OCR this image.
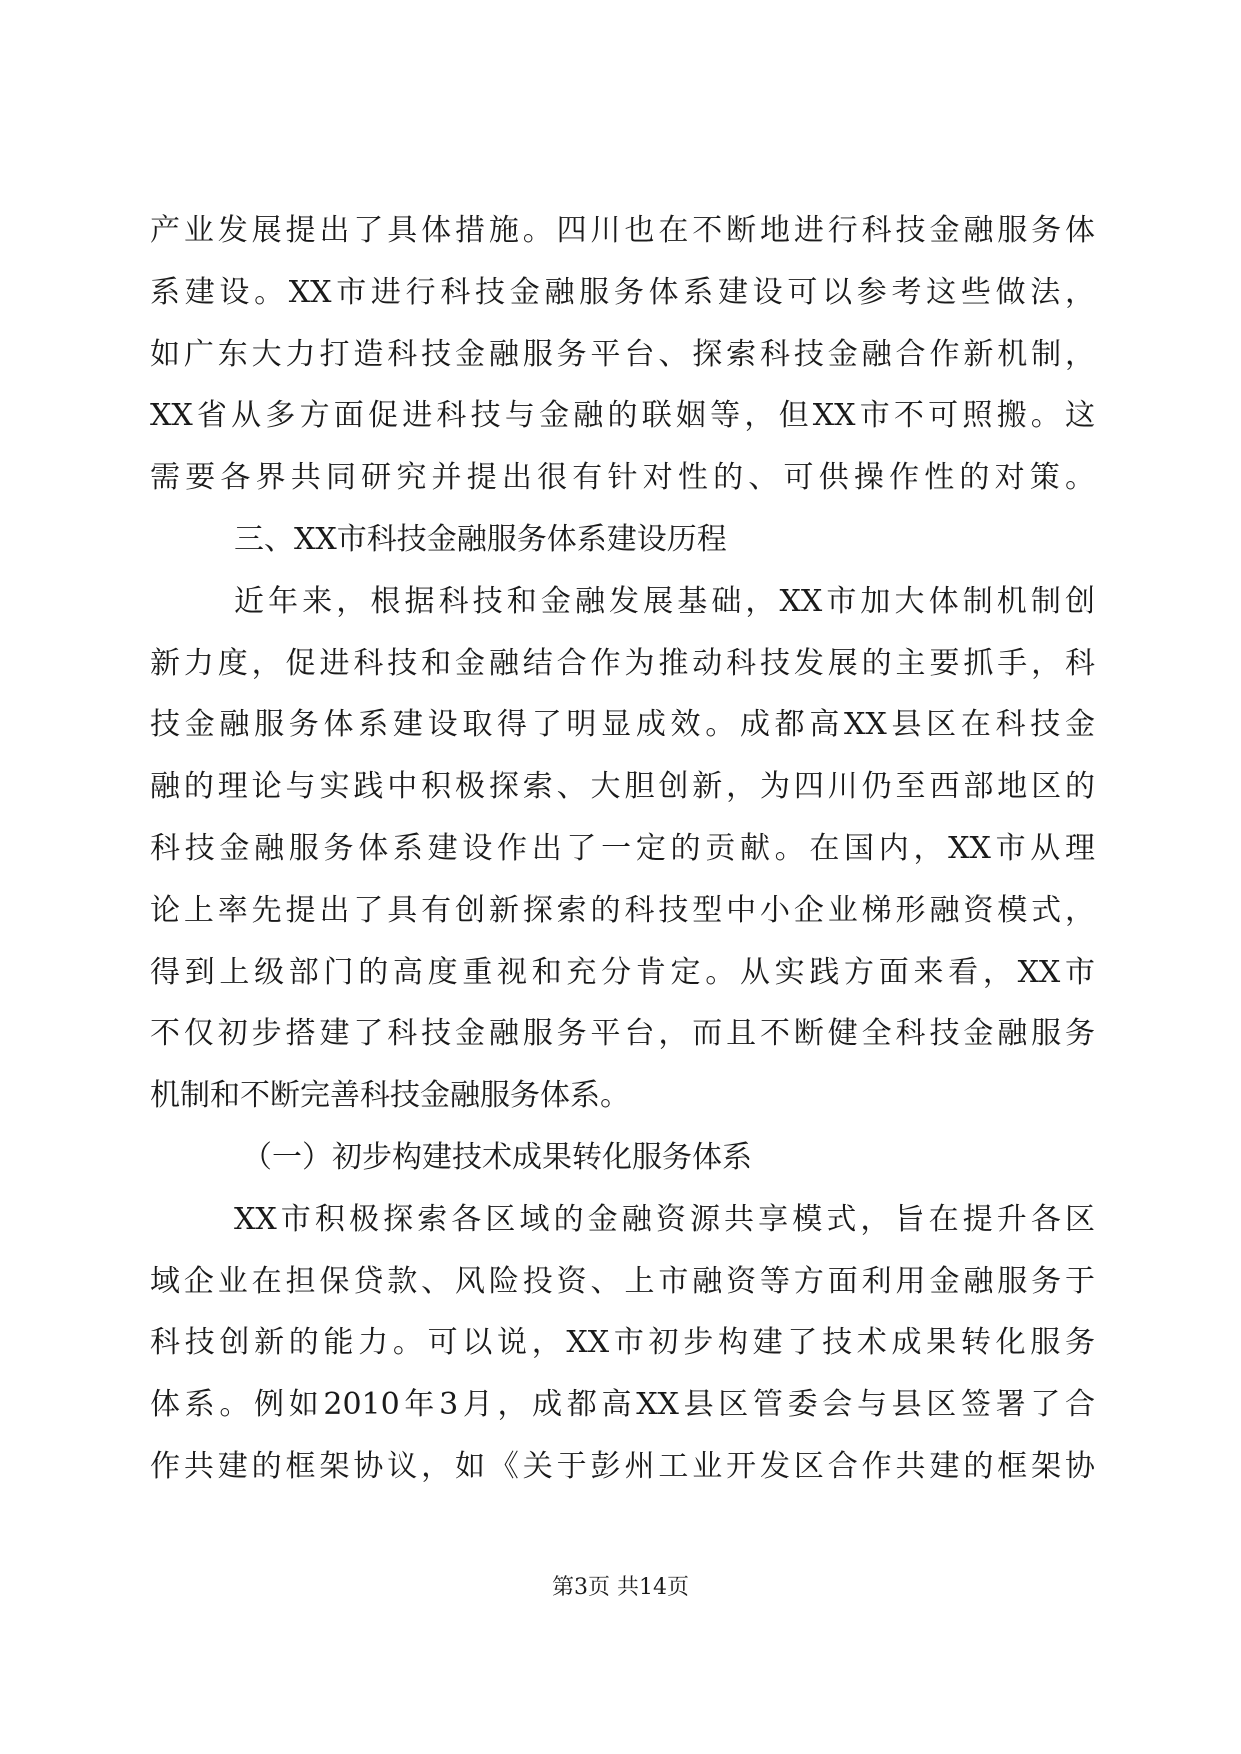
产业发展提出了具体措施。四川也在不断地进行科技金融服务体
系建设。XX市进行科技金融服务体系建设可以参考这些做法，
如广东大力打造科技金融服务平台、探索科技金融合作新机制，
XX省从多方面促进科技与金融的联姻等，但XX市不可照搬。这
需要各界共同研究并提出很有针对性的、可供操作性的对策。
三、XX市科技金融服务体系建设历程
近年来，根据科技和金融发展基础，XX市加大体制机制创
新力度，促进科技和金融结合作为推动科技发展的主要抓手，科
技金融服务体系建设取得了明显成效。成都高XX县区在科技金
融的理论与实践中积极探索、大胆创新，为四川仍至西部地区的
科技金融服务体系建设作出了一定的贡献。在国内，XX市从理
论上率先提出了具有创新探索的科技型中小企业梯形融资模式，
得到上级部门的高度重视和充分肯定。从实践方面来看，XX市
不仅初步搭建了科技金融服务平台，而且不断健全科技金融服务
机制和不断完善科技金融服务体系。
（一）初步构建技术成果转化服务体系
XX市积极探索各区域的金融资源共享模式，旨在提升各区
域企业在担保贷款、风险投资、上市融资等方面利用金融服务于
科技创新的能力。可以说，XX市初步构建了技术成果转化服务
体系。例如2010年3月，成都高XX县区管委会与县区签署了合
作共建的框架协议，如《关于彭州工业开发区合作共建的框架协
第3页 共14页
